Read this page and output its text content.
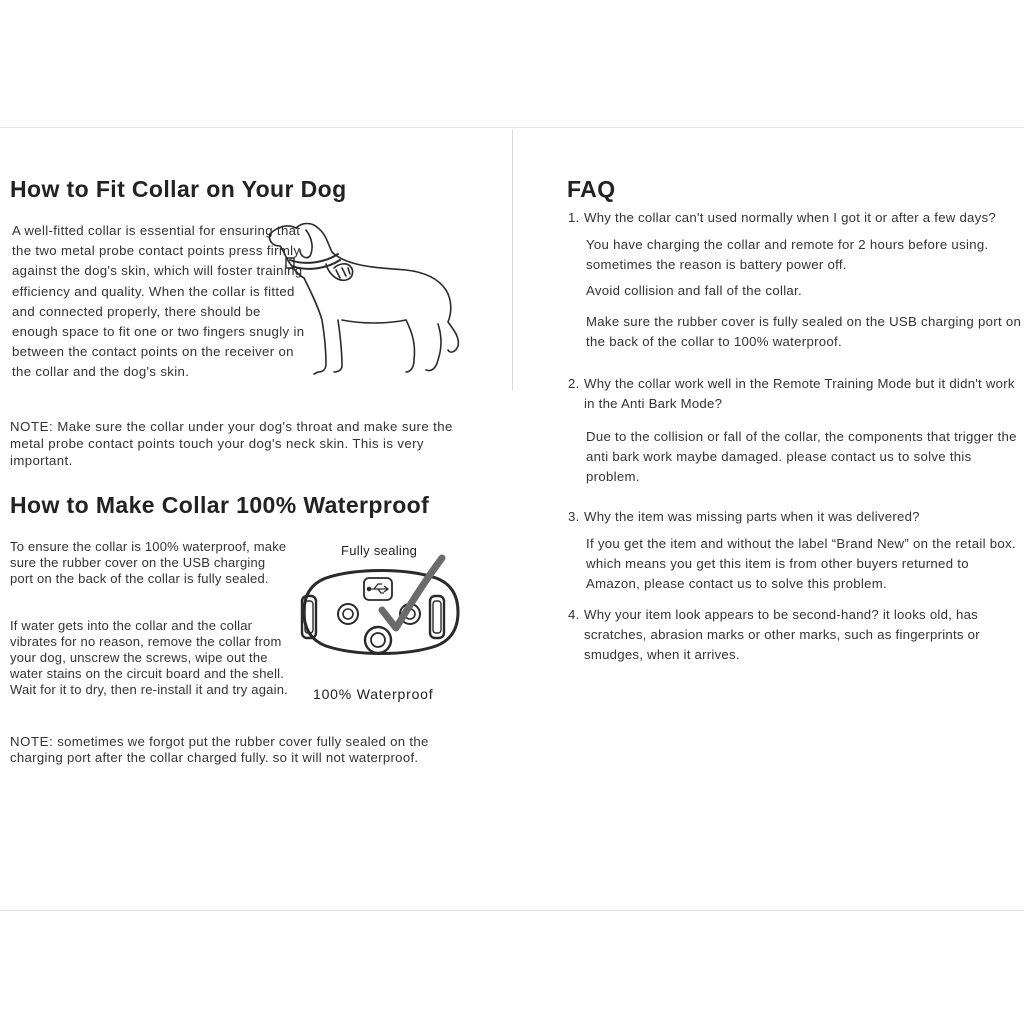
How to Fit Collar on Your Dog

A well-fitted collar is essential for ensuring that the two metal probe contact points press firmly against the dog's skin, which will foster training efficiency and quality. When the collar is fitted and connected properly, there should be enough space to fit one or two fingers snugly in between the contact points on the receiver on the collar and the dog's skin.

NOTE: Make sure the collar under your dog's throat and make sure the metal probe contact points touch your dog's neck skin. This is very important.

How to Make Collar 100% Waterproof

To ensure the collar is 100% waterproof, make sure the rubber cover on the USB charging port on the back of the collar is fully sealed.

If water gets into the collar and the collar vibrates for no reason, remove the collar from your dog, unscrew the screws, wipe out the water stains on the circuit board and the shell. Wait for it to dry, then re-install it and try again.

Fully sealing
100% Waterproof

NOTE: sometimes we forgot put the rubber cover fully sealed on the charging port after the collar charged fully. so it will not waterproof.

FAQ
1. Why the collar can't used normally when I got it or after a few days?

You have charging the collar and remote for 2 hours before using. sometimes the reason is battery power off.

Avoid collision and fall of the collar.

Make sure the rubber cover is fully sealed on the USB charging port on the back of the collar to 100% waterproof.

2. Why the collar work well in the Remote Training Mode but it didn't work in the Anti Bark Mode?

Due to the collision or fall of the collar, the components that trigger the anti bark work maybe damaged. please contact us to solve this problem.

3. Why the item was missing parts when it was delivered?

If you get the item and without the label “Brand New” on the retail box. which means you get this item is from other buyers returned to Amazon, please contact us to solve this problem.

4. Why your item look appears to be second-hand? it looks old, has scratches, abrasion marks or other marks, such as fingerprints or smudges, when it arrives.
